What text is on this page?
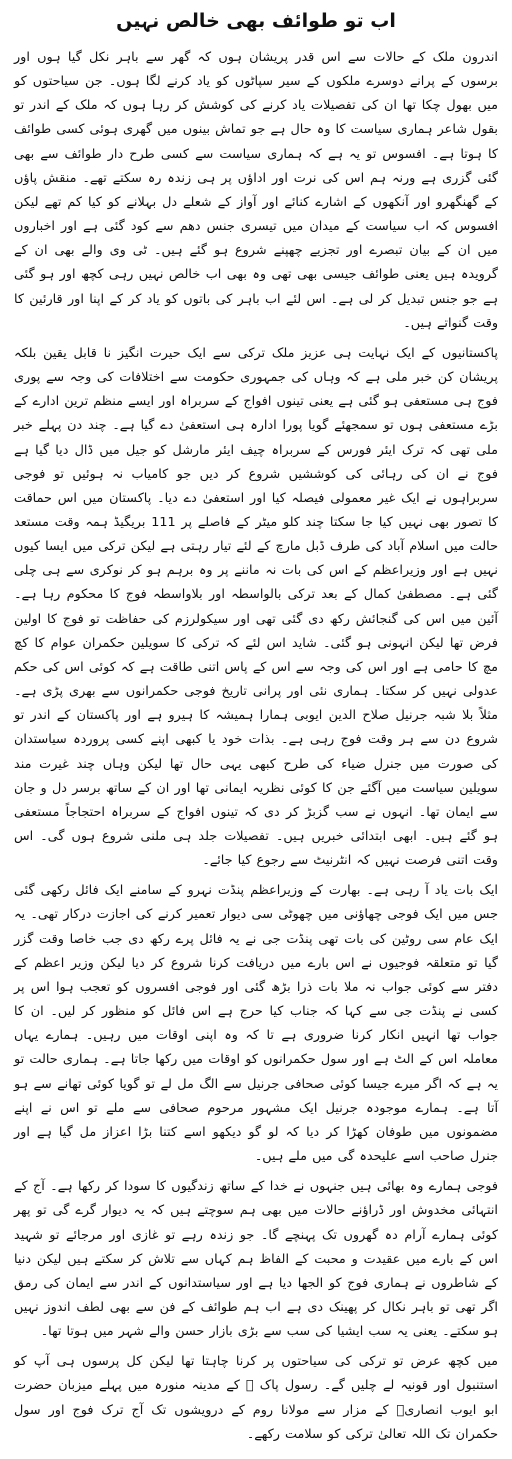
اب تو طوائف بھی خالص نہیں

اندرون ملک کے حالات سے اس قدر پریشان ہوں کہ گھر سے باہر نکل گیا ہوں اور برسوں کے پرانے دوسرے ملکوں کے سیر سپاٹوں کو یاد کرنے لگا ہوں۔ جن سیاحتوں کو میں بھول چکا تھا ان کی تفصیلات یاد کرنے کی کوشش کر رہا ہوں کہ ملک کے اندر تو بقول شاعر ہماری سیاست کا وہ حال ہے جو تماش بینوں میں گھری ہوئی کسی طوائف کا ہوتا ہے۔ افسوس تو یہ ہے کہ ہماری سیاست سے کسی طرح دار طوائف سے بھی گئی گزری ہے ورنہ ہم اس کی نرت اور اداؤں پر ہی زندہ رہ سکتے تھے۔ منقش پاؤں کے گھنگھرو اور آنکھوں کے اشارے کنائے اور آواز کے شعلے دل بہلانے کو کیا کم تھے لیکن افسوس کہ اب سیاست کے میدان میں تیسری جنس دھم سے کود گئی ہے اور اخباروں میں ان کے بیان تبصرے اور تجزیے چھپنے شروع ہو گئے ہیں۔ ٹی وی والے بھی ان کے گرویدہ ہیں یعنی طوائف جیسی بھی تھی وہ بھی اب خالص نہیں رہی کچھ اور ہو گئی ہے جو جنس تبدیل کر لی ہے۔ اس لئے اب باہر کی باتوں کو یاد کر کے اپنا اور قارئین کا وقت گنواتے ہیں۔

پاکستانیوں کے ایک نہایت ہی عزیز ملک ترکی سے ایک حیرت انگیز نا قابل یقین بلکہ پریشان کن خبر ملی ہے کہ وہاں کی جمہوری حکومت سے اختلافات کی وجہ سے پوری فوج ہی مستعفی ہو گئی ہے یعنی تینوں افواج کے سربراہ اور ایسے منظم ترین ادارے کے بڑے مستعفی ہوں تو سمجھئے گویا پورا ادارہ ہی استعفیٰ دے گیا ہے۔ چند دن پہلے خبر ملی تھی کہ ترک ایئر فورس کے سربراہ چیف ایئر مارشل کو جیل میں ڈال دیا گیا ہے فوج نے ان کی رہائی کی کوششیں شروع کر دیں جو کامیاب نہ ہوئیں تو فوجی سربراہوں نے ایک غیر معمولی فیصلہ کیا اور استعفیٰ دے دیا۔ پاکستان میں اس حماقت کا تصور بھی نہیں کیا جا سکتا چند کلو میٹر کے فاصلے پر 111 بریگیڈ ہمہ وقت مستعد حالت میں اسلام آباد کی طرف ڈبل مارچ کے لئے تیار رہتی ہے لیکن ترکی میں ایسا کیوں نہیں ہے اور وزیراعظم کے اس کی بات نہ ماننے پر وہ برہم ہو کر نوکری سے ہی چلی گئی ہے۔ مصطفیٰ کمال کے بعد ترکی بالواسطہ اور بلاواسطہ فوج کا محکوم رہا ہے۔ آئین میں اس کی گنجائش رکھ دی گئی تھی اور سیکولرزم کی حفاظت تو فوج کا اولین فرض تھا لیکن انہونی ہو گئی۔ شاید اس لئے کہ ترکی کا سویلین حکمران عوام کا کچ مچ کا حامی ہے اور اس کی وجہ سے اس کے پاس اتنی طاقت ہے کہ کوئی اس کی حکم عدولی نہیں کر سکتا۔ ہماری نئی اور پرانی تاریخ فوجی حکمرانوں سے بھری پڑی ہے۔ مثلاً بلا شبہ جرنیل صلاح الدین ایوبی ہمارا ہمیشہ کا ہیرو ہے اور پاکستان کے اندر تو شروع دن سے ہر وقت فوج رہی ہے۔ بذات خود یا کبھی اپنے کسی پروردہ سیاستدان کی صورت میں جنرل ضیاء کی طرح کبھی یہی حال تھا لیکن وہاں چند غیرت مند سویلین سیاست میں آگئے جن کا کوئی نظریہ ایمانی تھا اور ان کے ساتھ برسر دل و جان سے ایمان تھا۔ انہوں نے سب گزبڑ کر دی کہ تینوں افواج کے سربراہ احتجاجاً مستعفی ہو گئے ہیں۔ ابھی ابتدائی خبریں ہیں۔ تفصیلات جلد ہی ملنی شروع ہوں گی۔ اس وقت اتنی فرصت نہیں کہ انٹرنیٹ سے رجوع کیا جائے۔

ایک بات یاد آ رہی ہے۔ بھارت کے وزیراعظم پنڈت نہرو کے سامنے ایک فائل رکھی گئی جس میں ایک فوجی چھاؤنی میں چھوٹی سی دیوار تعمیر کرنے کی اجازت درکار تھی۔ یہ ایک عام سی روٹین کی بات تھی پنڈت جی نے یہ فائل پرے رکھ دی جب خاصا وقت گزر گیا تو متعلقہ فوجیوں نے اس بارے میں دریافت کرنا شروع کر دیا لیکن وزیر اعظم کے دفتر سے کوئی جواب نہ ملا بات ذرا بڑھ گئی اور فوجی افسروں کو تعجب ہوا اس پر کسی نے پنڈت جی سے کہا کہ جناب کیا حرج ہے اس فائل کو منظور کر لیں۔ ان کا جواب تھا انہیں انکار کرنا ضروری ہے تا کہ وہ اپنی اوقات میں رہیں۔ ہمارے یہاں معاملہ اس کے الٹ ہے اور سول حکمرانوں کو اوقات میں رکھا جاتا ہے۔ ہماری حالت تو یہ ہے کہ اگر میرے جیسا کوئی صحافی جرنیل سے الگ مل لے تو گویا کوئی تھانے سے ہو آتا ہے۔ ہمارے موجودہ جرنیل ایک مشہور مرحوم صحافی سے ملے تو اس نے اپنے مضمونوں میں طوفان کھڑا کر دیا کہ لو گو دیکھو اسے کتنا بڑا اعزاز مل گیا ہے اور جنرل صاحب اسے علیحدہ گی میں ملے ہیں۔

فوجی ہمارے وہ بھائی ہیں جنہوں نے خدا کے ساتھ زندگیوں کا سودا کر رکھا ہے۔ آج کے انتہائی مخدوش اور ڈراؤنے حالات میں بھی ہم سوچتے ہیں کہ یہ دیوار گرے گی تو پھر کوئی ہمارے آرام دہ گھروں تک پہنچے گا۔ جو زندہ رہے تو غازی اور مرجائے تو شہید اس کے بارے میں عقیدت و محبت کے الفاظ ہم کہاں سے تلاش کر سکتے ہیں لیکن دنیا کے شاطروں نے ہماری فوج کو الجھا دیا ہے اور سیاستدانوں کے اندر سے ایمان کی رمق اگر تھی تو باہر نکال کر پھینک دی ہے اب ہم طوائف کے فن سے بھی لطف اندوز نہیں ہو سکتے۔ یعنی یہ سب ایشیا کی سب سے بڑی بازار حسن والے شہر میں ہوتا تھا۔

میں کچھ عرض تو ترکی کی سیاحتوں پر کرنا چاہتا تھا لیکن کل پرسوں ہی آپ کو استنبول اور قونیہ لے چلیں گے۔ رسول پاک ﷺ کے مدینہ منورہ میں پہلے میزبان حضرت ابو ایوب انصاریؓ کے مزار سے مولانا روم کے درویشوں تک آج ترک فوج اور سول حکمران تک اللہ تعالیٰ ترکی کو سلامت رکھے۔
